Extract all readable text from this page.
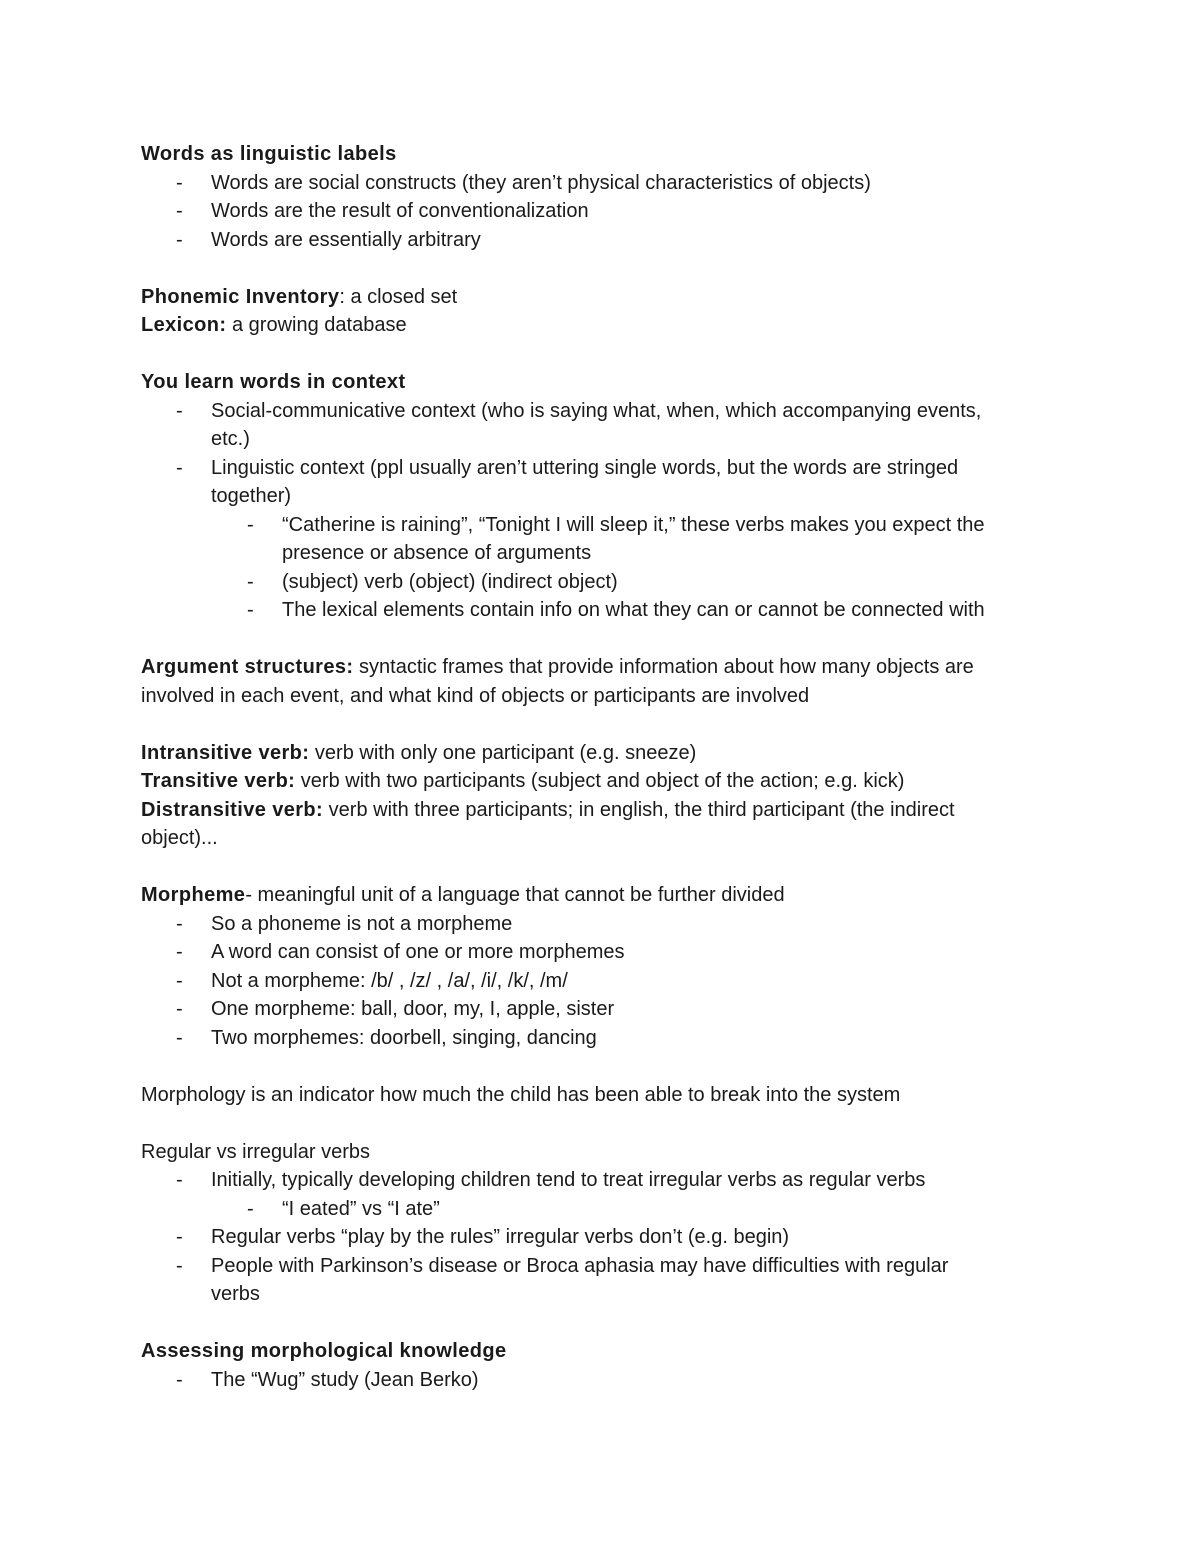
Words as linguistic labels

- Words are social constructs (they aren’t physical characteristics of objects)
- Words are the result of conventionalization
- Words are essentially arbitrary

Phonemic Inventory: a closed set

Lexicon: a growing database

You learn words in context

- Social-communicative context (who is saying what, when, which accompanying events,
etc.)
- Linguistic context (ppl usually aren’t uttering single words, but the words are stringed
together)
- “Catherine is raining”, “Tonight I will sleep it,” these verbs makes you expect the
presence or absence of arguments
- (subject) verb (object) (indirect object)
- The lexical elements contain info on what they can or cannot be connected with

Argument structures: syntactic frames that provide information about how many objects are
involved in each event, and what kind of objects or participants are involved

Intransitive verb: verb with only one participant (e.g. sneeze)

Transitive verb: verb with two participants (subject and object of the action; e.g. kick)

Distransitive verb: verb with three participants; in english, the third participant (the indirect
object)...

Morpheme- meaningful unit of a language that cannot be further divided

- So a phoneme is not a morpheme
- A word can consist of one or more morphemes
- Not a morpheme: /b/ , /z/ , /a/, /i/, /k/, /m/
- One morpheme: ball, door, my, I, apple, sister
- Two morphemes: doorbell, singing, dancing

Morphology is an indicator how much the child has been able to break into the system

Regular vs irregular verbs

- Initially, typically developing children tend to treat irregular verbs as regular verbs
- “I eated” vs “I ate”
- Regular verbs “play by the rules” irregular verbs don’t (e.g. begin)
- People with Parkinson’s disease or Broca aphasia may have difficulties with regular
verbs

Assessing morphological knowledge

- The “Wug” study (Jean Berko)
